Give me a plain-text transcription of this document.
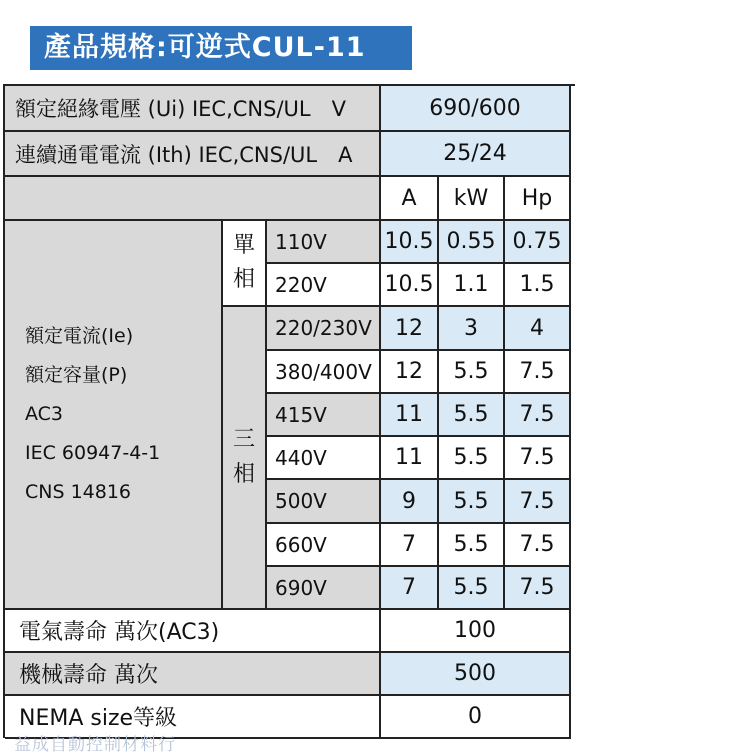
產品規格:可逆式CUL-11
額定絕緣電壓 (Ui) IEC,CNS/UL　V	690/600
連續通電電流 (Ith) IEC,CNS/UL　A	25/24
A	kW	Hp
額定電流(Ie)
額定容量(P)
AC3
IEC 60947-4-1
CNS 14816
單
相
三
相
110V	10.5 0.55 0.75
220V	10.5 1.1	1.5
220/230V	12	3	4
380/400V	12	5.5	7.5
415V	11	5.5	7.5
440V	11	5.5	7.5
500V	9	5.5	7.5
660V	7	5.5	7.5
690V	7	5.5	7.5
電氣壽命 萬次(AC3)	100
機械壽命 萬次	500
NEMA size等級	0
益成自動控制材料行
